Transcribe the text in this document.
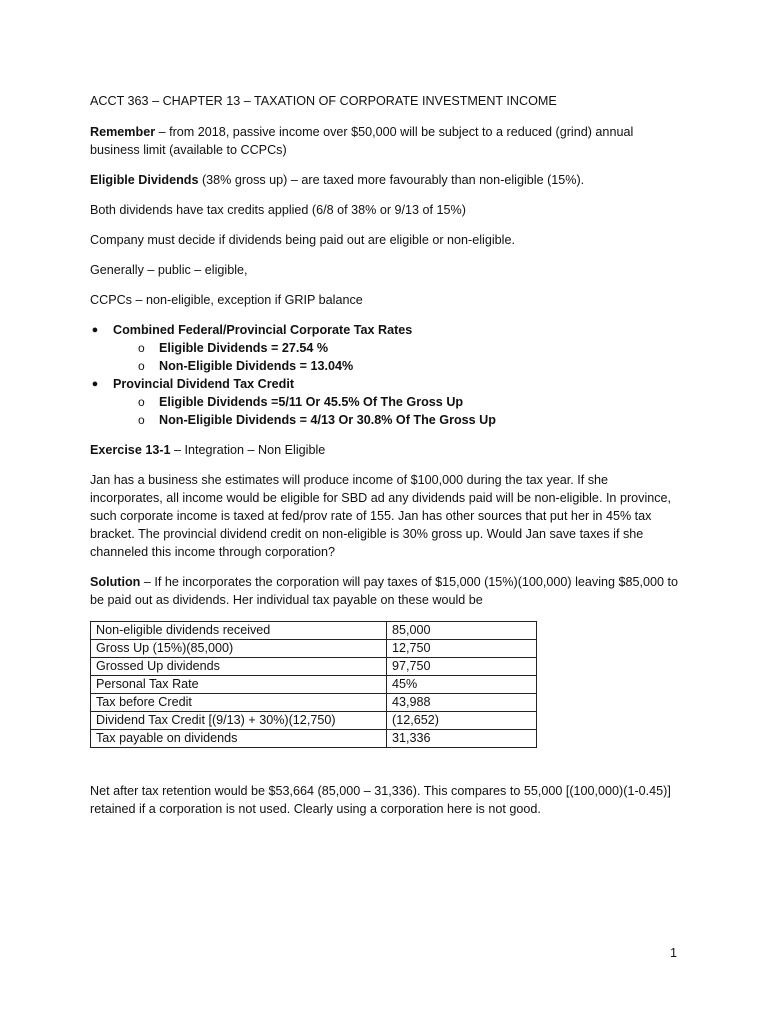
ACCT 363 – CHAPTER 13 – TAXATION OF CORPORATE INVESTMENT INCOME

Remember – from 2018, passive income over $50,000 will be subject to a reduced (grind) annual business limit (available to CCPCs)

Eligible Dividends (38% gross up) – are taxed more favourably than non-eligible (15%).

Both dividends have tax credits applied (6/8 of 38% or 9/13 of 15%)

Company must decide if dividends being paid out are eligible or non-eligible.

Generally – public – eligible,

CCPCs – non-eligible, exception if GRIP balance

● Combined Federal/Provincial Corporate Tax Rates
o Eligible Dividends = 27.54 %
o Non-Eligible Dividends = 13.04%
● Provincial Dividend Tax Credit
o Eligible Dividends =5/11 Or 45.5% Of The Gross Up
o Non-Eligible Dividends = 4/13 Or 30.8% Of The Gross Up

Exercise 13-1 – Integration – Non Eligible

Jan has a business she estimates will produce income of $100,000 during the tax year. If she incorporates, all income would be eligible for SBD ad any dividends paid will be non-eligible. In province, such corporate income is taxed at fed/prov rate of 155. Jan has other sources that put her in 45% tax bracket. The provincial dividend credit on non-eligible is 30% gross up. Would Jan save taxes if she channeled this income through corporation?

Solution – If he incorporates the corporation will pay taxes of $15,000 (15%)(100,000) leaving $85,000 to be paid out as dividends. Her individual tax payable on these would be

Non-eligible dividends received	85,000
Gross Up (15%)(85,000)	12,750
Grossed Up dividends	97,750
Personal Tax Rate	45%
Tax before Credit	43,988
Dividend Tax Credit [(9/13) + 30%)(12,750)	(12,652)
Tax payable on dividends	31,336

Net after tax retention would be $53,664 (85,000 – 31,336). This compares to 55,000 [(100,000)(1-0.45)] retained if a corporation is not used. Clearly using a corporation here is not good.

1
